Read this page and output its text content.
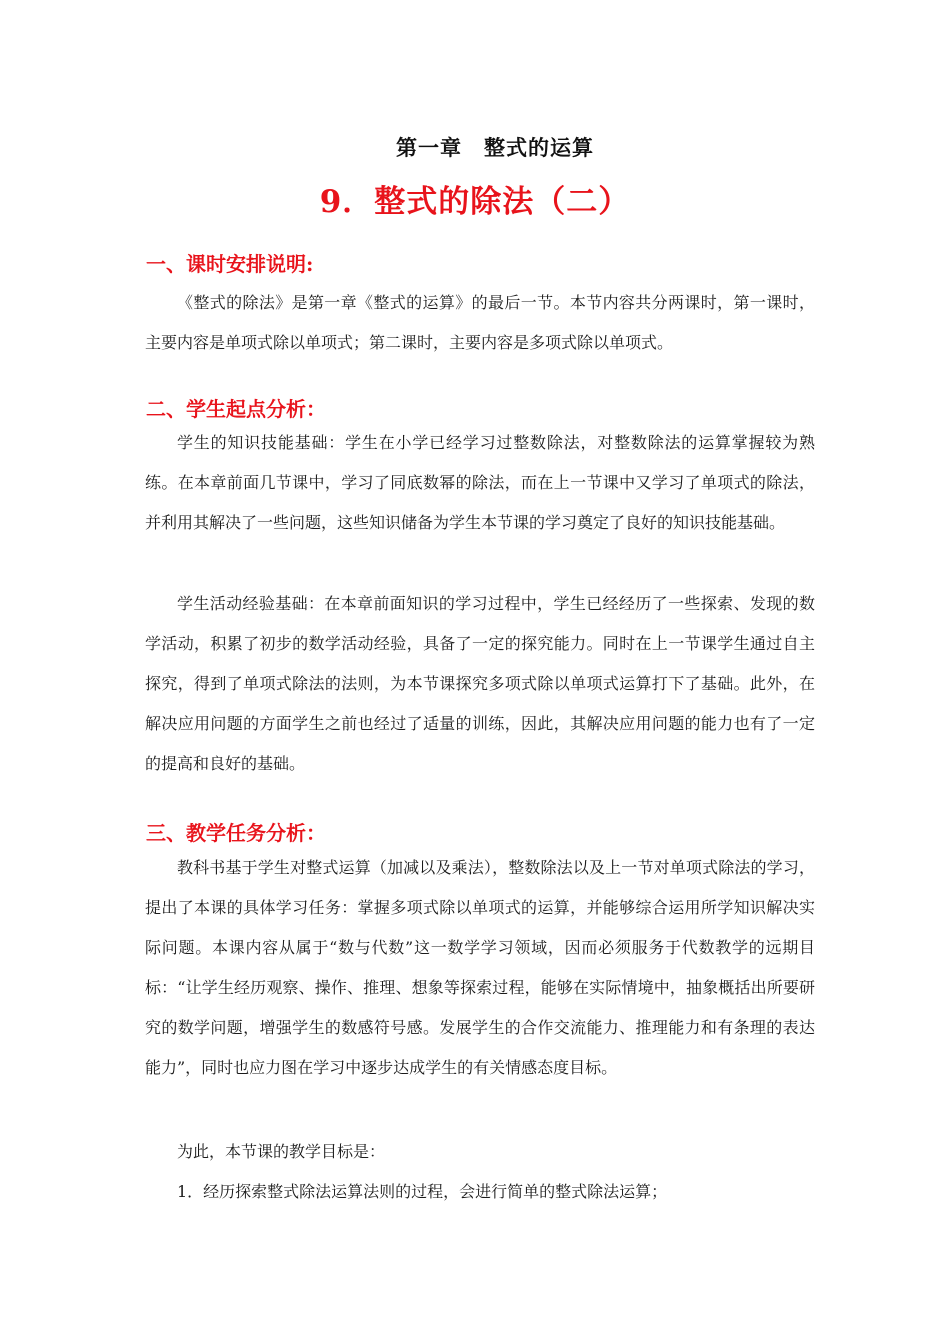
第一章　整式的运算
9．整式的除法（二）
一、课时安排说明:

《整式的除法》是第一章《整式的运算》的最后一节。本节内容共分两课时，第一课时，主要内容是单项式除以单项式；第二课时，主要内容是多项式除以单项式。

二、学生起点分析：

学生的知识技能基础：学生在小学已经学习过整数除法，对整数除法的运算掌握较为熟练。在本章前面几节课中，学习了同底数幂的除法，而在上一节课中又学习了单项式的除法，并利用其解决了一些问题，这些知识储备为学生本节课的学习奠定了良好的知识技能基础。

学生活动经验基础：在本章前面知识的学习过程中，学生已经经历了一些探索、发现的数学活动，积累了初步的数学活动经验，具备了一定的探究能力。同时在上一节课学生通过自主探究，得到了单项式除法的法则，为本节课探究多项式除以单项式运算打下了基础。此外，在解决应用问题的方面学生之前也经过了适量的训练，因此，其解决应用问题的能力也有了一定的提高和良好的基础。

三、教学任务分析：

教科书基于学生对整式运算（加减以及乘法），整数除法以及上一节对单项式除法的学习，提出了本课的具体学习任务：掌握多项式除以单项式的运算，并能够综合运用所学知识解决实际问题。本课内容从属于“数与代数”这一数学学习领域，因而必须服务于代数教学的远期目标：“让学生经历观察、操作、推理、想象等探索过程，能够在实际情境中，抽象概括出所要研究的数学问题，增强学生的数感符号感。发展学生的合作交流能力、推理能力和有条理的表达能力”，同时也应力图在学习中逐步达成学生的有关情感态度目标。

为此，本节课的教学目标是：

1．经历探索整式除法运算法则的过程，会进行简单的整式除法运算；
